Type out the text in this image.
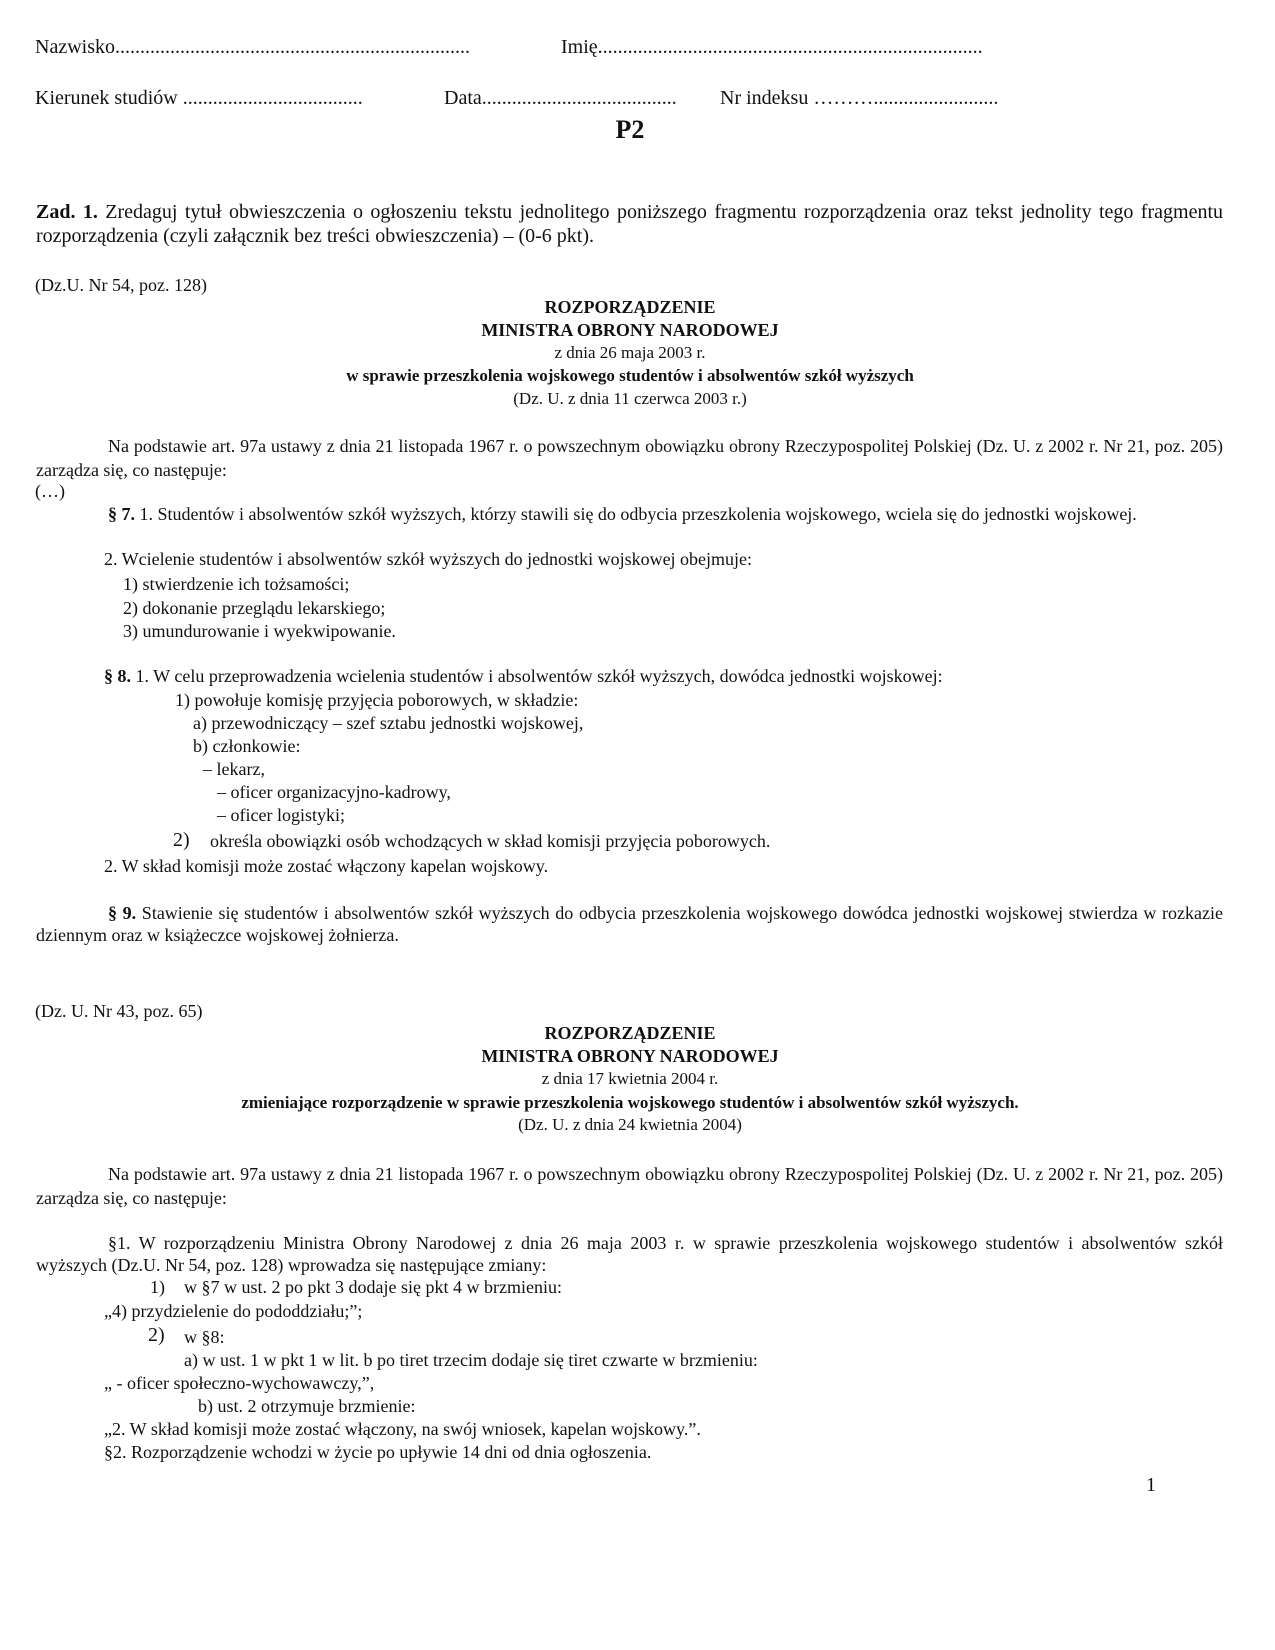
Nazwisko.......................................................................	Imię.............................................................................
Kierunek studiów ....................................	Data....................................... Nr indeksu ……….........................
P2
Zad. 1. Zredaguj tytuł obwieszczenia o ogłoszeniu tekstu jednolitego poniższego fragmentu rozporządzenia oraz tekst jednolity tego fragmentu rozporządzenia (czyli załącznik bez treści obwieszczenia) – (0-6 pkt).
(Dz.U. Nr 54, poz. 128)
ROZPORZĄDZENIE
MINISTRA OBRONY NARODOWEJ
z dnia 26 maja 2003 r.
w sprawie przeszkolenia wojskowego studentów i absolwentów szkół wyższych
(Dz. U. z dnia 11 czerwca 2003 r.)
Na podstawie art. 97a ustawy z dnia 21 listopada 1967 r. o powszechnym obowiązku obrony Rzeczypospolitej Polskiej (Dz. U. z 2002 r. Nr 21, poz. 205) zarządza się, co następuje:
(…)
§ 7. 1. Studentów i absolwentów szkół wyższych, którzy stawili się do odbycia przeszkolenia wojskowego, wciela się do jednostki wojskowej.
2. Wcielenie studentów i absolwentów szkół wyższych do jednostki wojskowej obejmuje:
1) stwierdzenie ich tożsamości;
2) dokonanie przeglądu lekarskiego;
3) umundurowanie i wyekwipowanie.
§ 8. 1. W celu przeprowadzenia wcielenia studentów i absolwentów szkół wyższych, dowódca jednostki wojskowej:
1) powołuje komisję przyjęcia poborowych, w składzie:
a) przewodniczący – szef sztabu jednostki wojskowej,
b) członkowie:
– lekarz,
– oficer organizacyjno-kadrowy,
– oficer logistyki;
2) określa obowiązki osób wchodzących w skład komisji przyjęcia poborowych.
2. W skład komisji może zostać włączony kapelan wojskowy.
§ 9. Stawienie się studentów i absolwentów szkół wyższych do odbycia przeszkolenia wojskowego dowódca jednostki wojskowej stwierdza w rozkazie dziennym oraz w książeczce wojskowej żołnierza.
(Dz. U. Nr 43, poz. 65)
ROZPORZĄDZENIE
MINISTRA OBRONY NARODOWEJ
z dnia 17 kwietnia 2004 r.
zmieniające rozporządzenie w sprawie przeszkolenia wojskowego studentów i absolwentów szkół wyższych.
(Dz. U. z dnia 24 kwietnia 2004)
Na podstawie art. 97a ustawy z dnia 21 listopada 1967 r. o powszechnym obowiązku obrony Rzeczypospolitej Polskiej (Dz. U. z 2002 r. Nr 21, poz. 205) zarządza się, co następuje:
§1. W rozporządzeniu Ministra Obrony Narodowej z dnia 26 maja 2003 r. w sprawie przeszkolenia wojskowego studentów i absolwentów szkół wyższych (Dz.U. Nr 54, poz. 128) wprowadza się następujące zmiany:
1) w §7 w ust. 2 po pkt 3 dodaje się pkt 4 w brzmieniu:
„4) przydzielenie do pododdziału;”;
2) w §8:
a) w ust. 1 w pkt 1 w lit. b po tiret trzecim dodaje się tiret czwarte w brzmieniu:
„ - oficer społeczno-wychowawczy,”,
b) ust. 2 otrzymuje brzmienie:
„2. W skład komisji może zostać włączony, na swój wniosek, kapelan wojskowy.”.
§2. Rozporządzenie wchodzi w życie po upływie 14 dni od dnia ogłoszenia.
1
